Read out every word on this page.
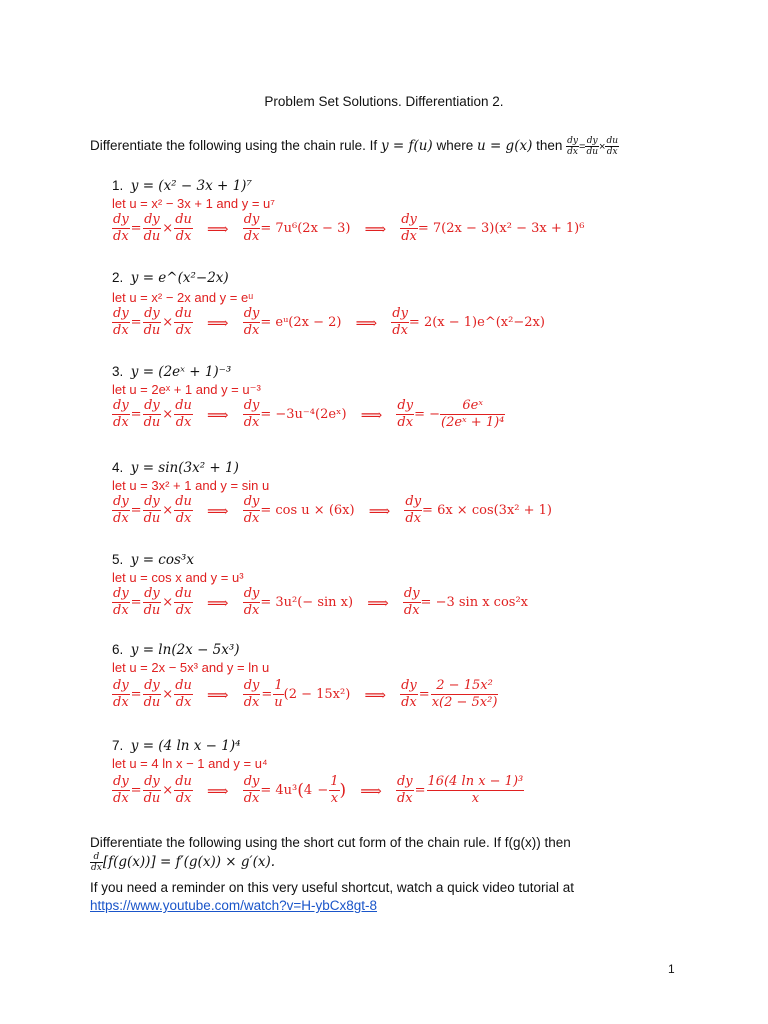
Problem Set Solutions. Differentiation 2.
Differentiate the following using the chain rule. If y = f(u) where u = g(x) then $\frac{dy}{dx} = \frac{dy}{du} \times \frac{du}{dx}$
1. y = (x² − 3x + 1)⁷
let u = x² − 3x + 1 and y = u⁷
$\frac{dy}{dx} = \frac{dy}{du} \times \frac{du}{dx}$ ⟹ $\frac{dy}{dx} = 7u^6(2x - 3)$ ⟹ $\frac{dy}{dx} = 7(2x - 3)(x^2 - 3x + 1)^6$
2. y = e^(x²−2x)
let u = x² − 2x and y = eᵘ
$\frac{dy}{dx} = \frac{dy}{du} \times \frac{du}{dx}$ ⟹ $\frac{dy}{dx}$ = eᵘ(2x − 2) ⟹ $\frac{dy}{dx} = 2(x$ − 1)e^(x²−2x)
3. y = (2eˣ + 1)⁻³
let u = 2eˣ + 1 and y = u⁻³
$\frac{dy}{dx} = \frac{dy}{du} \times \frac{du}{dx}$ ⟹ $\frac{dy}{dx}$ = −3u⁻⁴(2eˣ) ⟹ $\frac{dy}{dx}$ = − $\frac{\text{6eˣ}}{\text{(2eˣ + 1)⁴}}$
4. y = sin(3x² + 1)
let u = 3x² + 1 and y = sin u
$\frac{dy}{dx} = \frac{dy}{du} \times \frac{du}{dx}$ ⟹ $\frac{dy}{dx} = \cos u \times (6x)$ ⟹ $\frac{dy}{dx} = 6x \times \cos(3x^2 + 1)$
5. y = cos³x
let u = cos x and y = u³
$\frac{dy}{dx} = \frac{dy}{du} \times \frac{du}{dx}$ ⟹ $\frac{dy}{dx} = 3u^2(- \sin x)$ ⟹ $\frac{dy}{dx} = -3$ sin x cos²x
6. y = ln(2x − 5x³)
let u = 2x − 5x³ and y = ln u
$\frac{dy}{dx} = \frac{dy}{du} \times \frac{du}{dx}$ ⟹ $\frac{dy}{dx} = \frac{1}{u} (2 - 15x^2)$ ⟹ $\frac{dy}{dx} = \frac{\text{2 − 15x²}}{\text{x(2 − 5x²)}}$
7. y = (4 ln x − 1)⁴
let u = 4 ln x − 1 and y = u⁴
$\frac{dy}{dx} = \frac{dy}{du} \times \frac{du}{dx}$ ⟹ $\frac{dy}{dx} = 4u^3(4 - \frac{1}{x}$ ) ⟹ $\frac{dy}{dx} = \frac{\text{16(4 ln x − 1)³}}{x}$
Differentiate the following using the short cut form of the chain rule. If f(g(x)) then
$\frac{d}{dx} [f(g(x))] = f'(g(x)) \times g'(x)$.
If you need a reminder on this very useful shortcut, watch a quick video tutorial at
https://www.youtube.com/watch?v=H-ybCx8gt-8
1
